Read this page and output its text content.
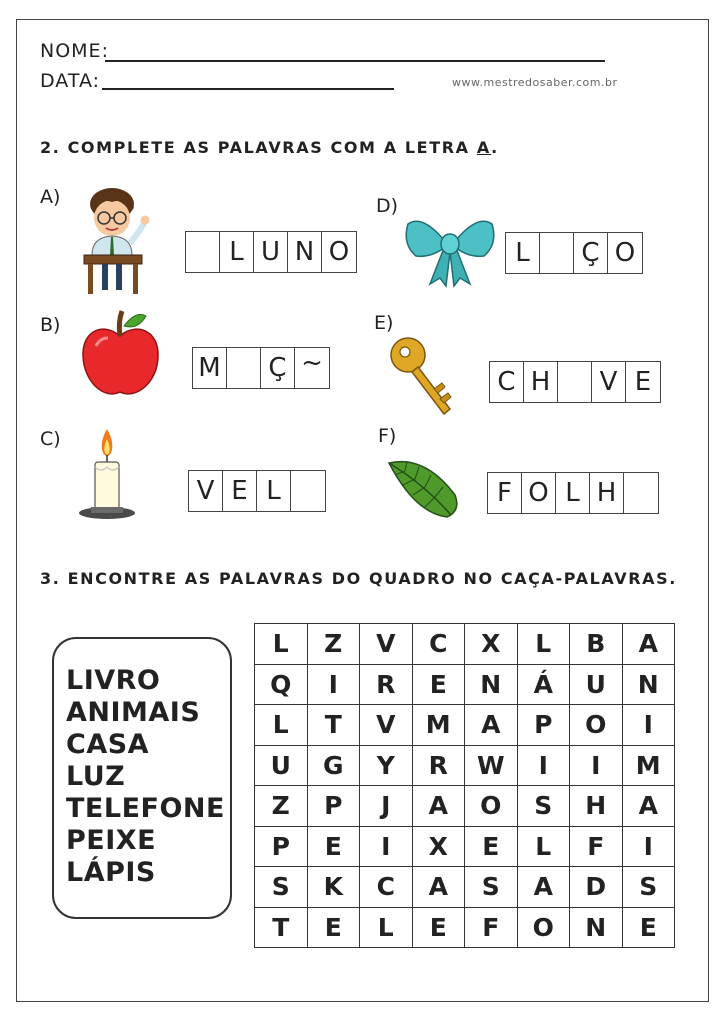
NOME:
DATA:	www.mestredosaber.com.br
2. COMPLETE AS PALAVRAS COM A LETRA A.
A)
L U N O
B)
M Ç ~
C)
V E L
D)
L	Ç O
E)
C H V E
F)
F O L H
3. ENCONTRE AS PALAVRAS DO QUADRO NO CAÇA-PALAVRAS.
LIVRO
ANIMAIS
CASA
LUZ
TELEFONE
PEIXE
LÁPIS
L	Z	V	C	X	L	B	A
Q	I	R	E	N	Á	U	N
L	T	V	M	A	P	O	I
U	G	Y	R	W	I	I	M
Z	P	J	A	O	S	H	A
P	E	I	X	E	L	F	I
S	K	C	A	S	A	D	S
T	E	L	E	F	O	N	E
